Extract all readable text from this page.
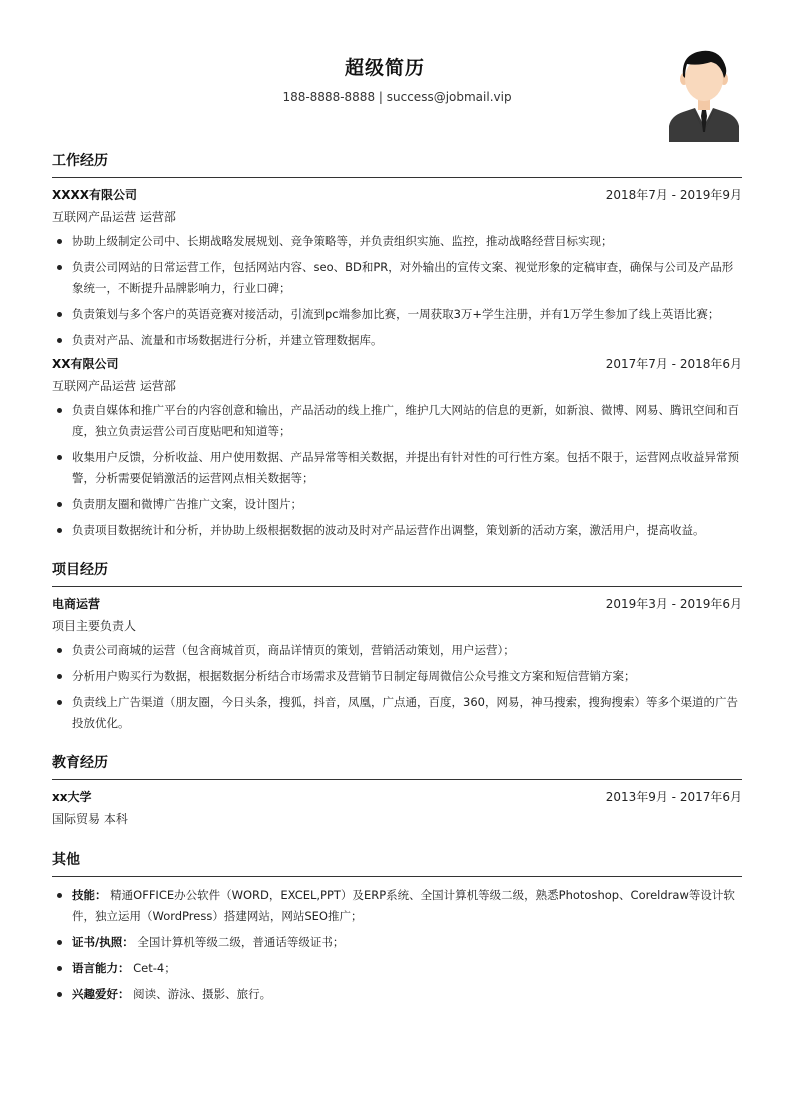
超级简历
188-8888-8888 | success@jobmail.vip
工作经历
XXXX有限公司	2018年7月 - 2019年9月
互联网产品运营 运营部
协助上级制定公司中、长期战略发展规划、竞争策略等，并负责组织实施、监控，推动战略经营目标实现；
负责公司网站的日常运营工作，包括网站内容、seo、BD和PR，对外输出的宣传文案、视觉形象的定稿审查，确保与公司及产品形象统一，不断提升品牌影响力，行业口碑；
负责策划与多个客户的英语竞赛对接活动，引流到pc端参加比赛，一周获取3万+学生注册，并有1万学生参加了线上英语比赛；
负责对产品、流量和市场数据进行分析，并建立管理数据库。
XX有限公司	2017年7月 - 2018年6月
互联网产品运营 运营部
负责自媒体和推广平台的内容创意和输出，产品活动的线上推广，维护几大网站的信息的更新，如新浪、微博、网易、腾讯空间和百度，独立负责运营公司百度贴吧和知道等；
收集用户反馈，分析收益、用户使用数据、产品异常等相关数据，并提出有针对性的可行性方案。包括不限于，运营网点收益异常预警，分析需要促销激活的运营网点相关数据等；
负责朋友圈和微博广告推广文案，设计图片；
负责项目数据统计和分析，并协助上级根据数据的波动及时对产品运营作出调整，策划新的活动方案，激活用户，提高收益。
项目经历
电商运营	2019年3月 - 2019年6月
项目主要负责人
负责公司商城的运营（包含商城首页，商品详情页的策划，营销活动策划，用户运营）；
分析用户购买行为数据，根据数据分析结合市场需求及营销节日制定每周微信公众号推文方案和短信营销方案；
负责线上广告渠道（朋友圈，今日头条，搜狐，抖音，凤凰，广点通，百度，360，网易，神马搜索，搜狗搜索）等多个渠道的广告投放优化。
教育经历
xx大学	2013年9月 - 2017年6月
国际贸易 本科
其他
技能： 精通OFFICE办公软件（WORD，EXCEL,PPT）及ERP系统、全国计算机等级二级，熟悉Photoshop、Coreldraw等设计软件，独立运用（WordPress）搭建网站，网站SEO推广；
证书/执照： 全国计算机等级二级，普通话等级证书；
语言能力： Cet-4；
兴趣爱好： 阅读、游泳、摄影、旅行。
